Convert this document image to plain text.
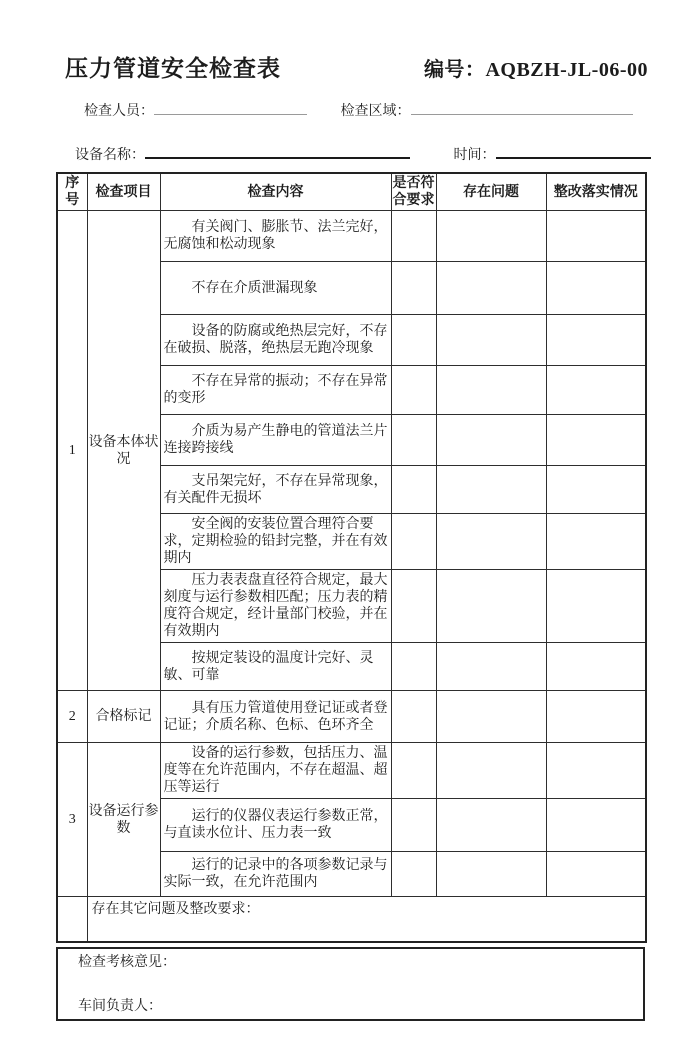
压力管道安全检查表	编号：AQBZH-JL-06-00
检查人员：	检查区域：
设备名称：	时间：
序号	检查项目	检查内容	是否符合要求	存在问题	整改落实情况
1	设备本体状况	有关阀门、膨胀节、法兰完好，无腐蚀和松动现象			
		不存在介质泄漏现象			
		设备的防腐或绝热层完好，不存在破损、脱落，绝热层无跑冷现象			
		不存在异常的振动；不存在异常的变形			
		介质为易产生静电的管道法兰片连接跨接线			
		支吊架完好，不存在异常现象，有关配件无损坏			
		安全阀的安装位置合理符合要求，定期检验的铅封完整，并在有效期内			
		压力表表盘直径符合规定，最大刻度与运行参数相匹配；压力表的精度符合规定，经计量部门校验，并在有效期内			
		按规定装设的温度计完好、灵敏、可靠			
2	合格标记	具有压力管道使用登记证或者登记证；介质名称、色标、色环齐全			
3	设备运行参数	设备的运行参数，包括压力、温度等在允许范围内，不存在超温、超压等运行			
		运行的仪器仪表运行参数正常，与直读水位计、压力表一致			
		运行的记录中的各项参数记录与实际一致，在允许范围内			
	存在其它问题及整改要求：				
检查考核意见：
车间负责人：
